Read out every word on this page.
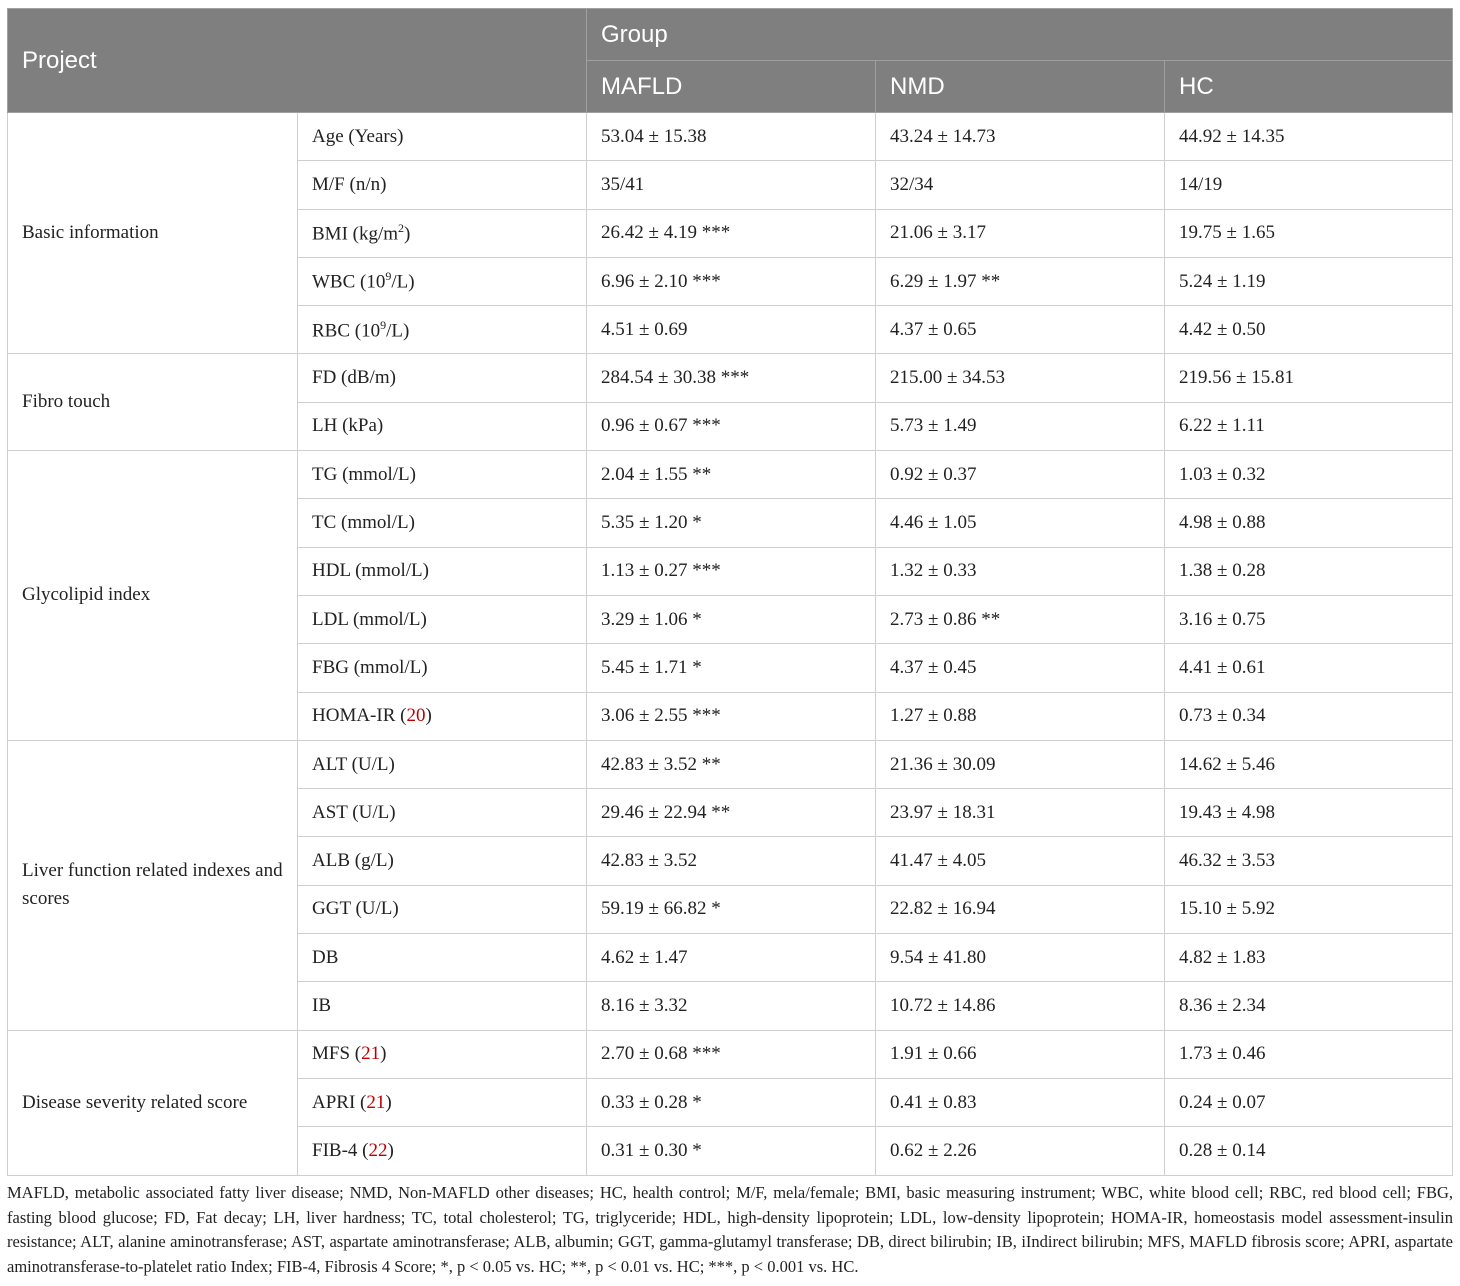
Project		Group		
		MAFLD	NMD	HC
Basic information	Age (Years)	53.04 ± 15.38	43.24 ± 14.73	44.92 ± 14.35
	M/F (n/n)	35/41	32/34	14/19
	BMI $(kg/m^2)$	26.42 ± 4.19 ***	21.06 ± 3.17	19.75 ± 1.65
	WBC $(10^9/L)$	6.96 ± 2.10 ***	6.29 ± 1.97 **	5.24 ± 1.19
	RBC $(10^9/L)$	4.51 ± 0.69	4.37 ± 0.65	4.42 ± 0.50
Fibro touch	FD (dB/m)	284.54 ± 30.38 ***	215.00 ± 34.53	219.56 ± 15.81
	LH (kPa)	0.96 ± 0.67 ***	5.73 ± 1.49	6.22 ± 1.11
Glycolipid index	TG (mmol/L)	2.04 ± 1.55 **	0.92 ± 0.37	1.03 ± 0.32
	TC (mmol/L)	5.35 ± 1.20 *	4.46 ± 1.05	4.98 ± 0.88
	HDL (mmol/L)	1.13 ± 0.27 ***	1.32 ± 0.33	1.38 ± 0.28
	LDL (mmol/L)	3.29 ± 1.06 *	2.73 ± 0.86 **	3.16 ± 0.75
	FBG (mmol/L)	5.45 ± 1.71 *	4.37 ± 0.45	4.41 ± 0.61
	HOMA-IR (20)	3.06 ± 2.55 ***	1.27 ± 0.88	0.73 ± 0.34
Liver function related indexes and scores	ALT (U/L)	42.83 ± 3.52 **	21.36 ± 30.09	14.62 ± 5.46
	AST (U/L)	29.46 ± 22.94 **	23.97 ± 18.31	19.43 ± 4.98
	ALB (g/L)	42.83 ± 3.52	41.47 ± 4.05	46.32 ± 3.53
	GGT (U/L)	59.19 ± 66.82 *	22.82 ± 16.94	15.10 ± 5.92
	DB	4.62 ± 1.47	9.54 ± 41.80	4.82 ± 1.83
	IB	8.16 ± 3.32	10.72 ± 14.86	8.36 ± 2.34
Disease severity related score	MFS (21)	2.70 ± 0.68 ***	1.91 ± 0.66	1.73 ± 0.46
	APRI (21)	0.33 ± 0.28 *	0.41 ± 0.83	0.24 ± 0.07
	FIB-4 (22)	0.31 ± 0.30 *	0.62 ± 2.26	0.28 ± 0.14

MAFLD, metabolic associated fatty liver disease; NMD, Non-MAFLD other diseases; HC, health control; M/F, mela/female; BMI, basic measuring instrument; WBC, white blood cell; RBC, red blood cell; FBG, fasting blood glucose; FD, Fat decay; LH, liver hardness; TC, total cholesterol; TG, triglyceride; HDL, high-density lipoprotein; LDL, low-density lipoprotein; HOMA-IR, homeostasis model assessment-insulin resistance; ALT, alanine aminotransferase; AST, aspartate aminotransferase; ALB, albumin; GGT, gamma-glutamyl transferase; DB, direct bilirubin; IB, iIndirect bilirubin; MFS, MAFLD fibrosis score; APRI, aspartate aminotransferase-to-platelet ratio Index; FIB-4, Fibrosis 4 Score; *, p < 0.05 vs. HC; **, p < 0.01 vs. HC; ***, p < 0.001 vs. HC.
